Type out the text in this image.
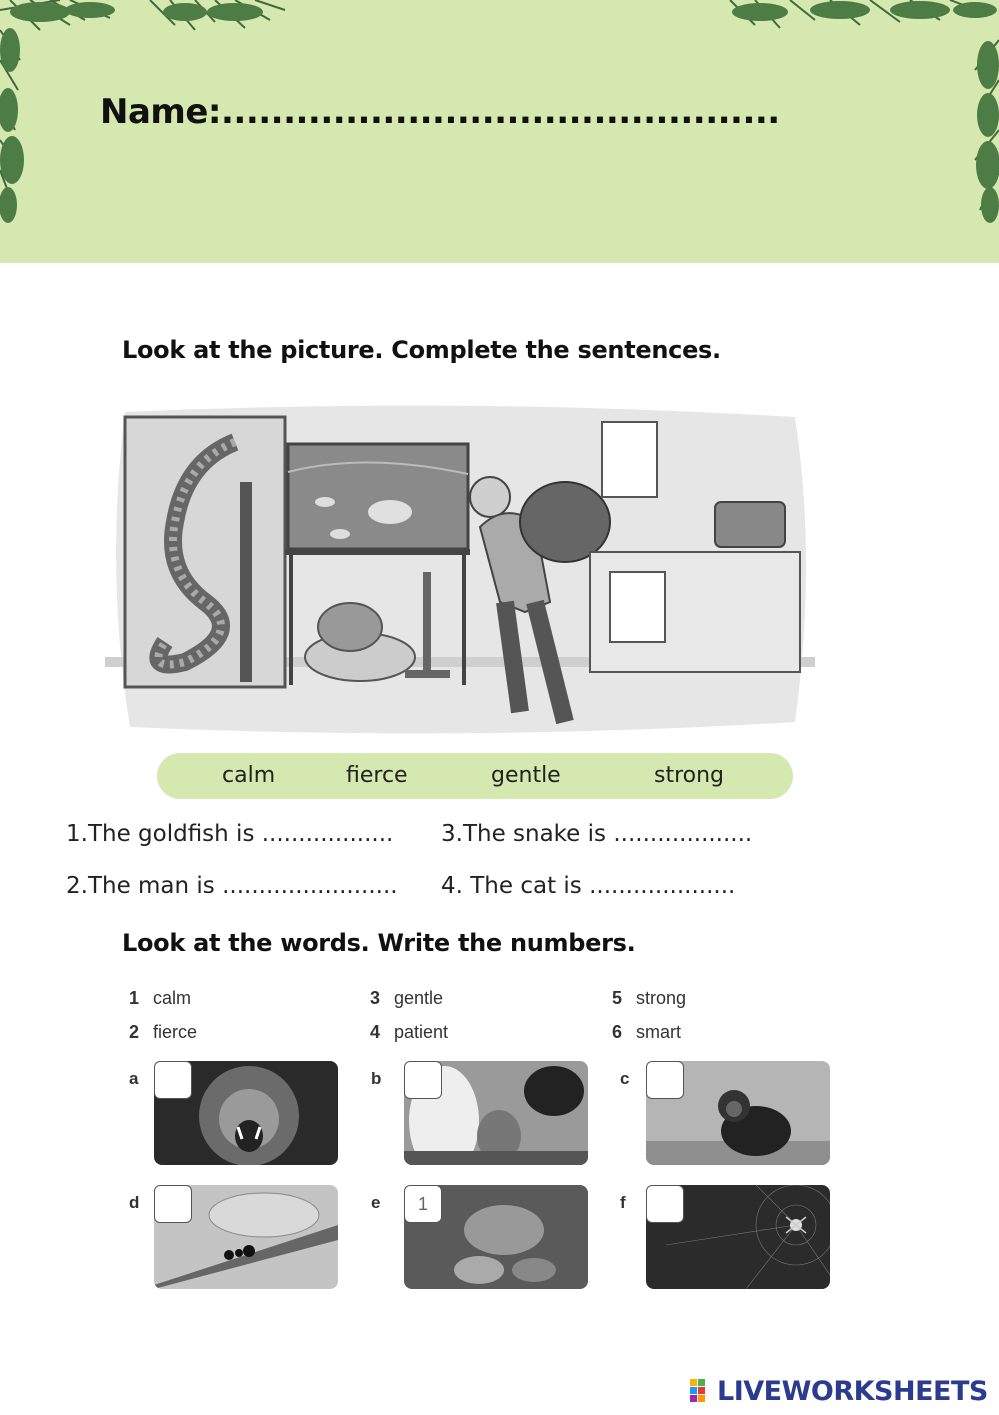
Name:.............................................
Look at the picture. Complete the sentences.
calm	fierce	gentle	strong
1.The goldfish is .................. 3.The snake is ...................
2.The man is ........................ 4. The cat is ....................
Look at the words. Write the numbers.
1 calm	3 gentle	5 strong
2 fierce	4 patient	6 smart
a	b	c
d	e	1	f
LIVEWORKSHEETS
